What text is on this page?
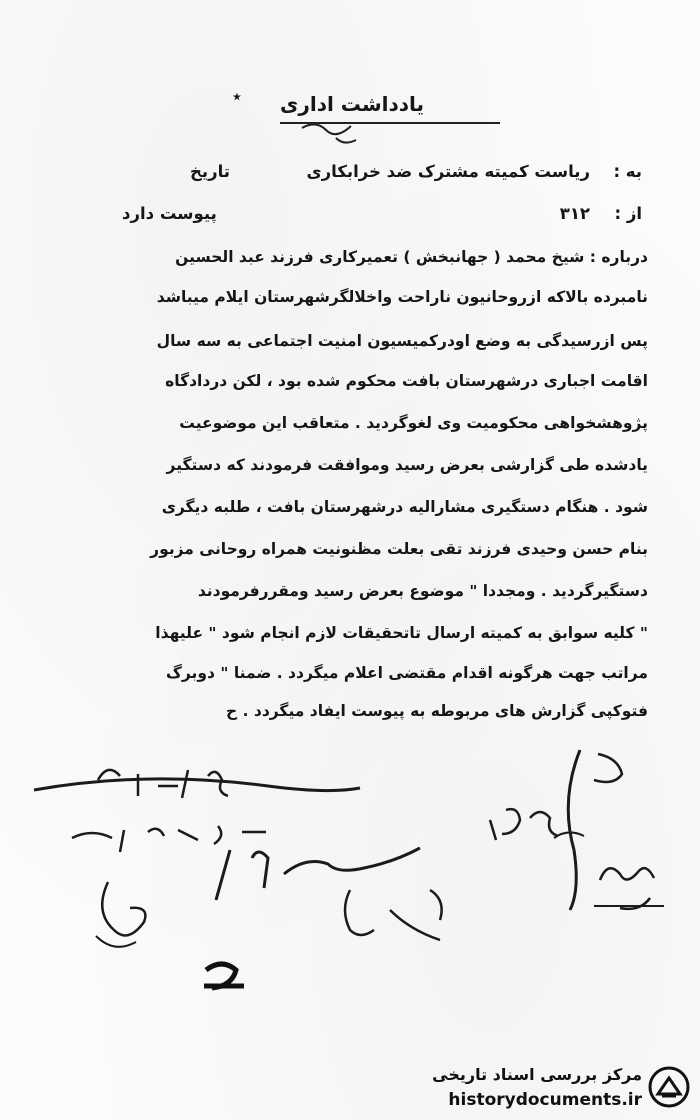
٭ یادداشت اداری
به :
ریاست کمیته مشترک ضد خرابکاری
تاریخ
از :
۳۱۲
پیوست دارد
درباره : شیخ محمد ( جهانبخش ) تعمیرکاری فرزند عبد الحسین
نامبرده بالاکه ازروحانیون ناراحت واخلالگرشهرستان ایلام میباشد
پس ازرسیدگی به وضع اودرکمیسیون امنیت اجتماعی به سه سال
اقامت اجباری درشهرستان بافت محکوم شده بود ، لکن دردادگاه
پژوهشخواهی محکومیت وی لغوگردید . متعاقب این موضوعیت
یادشده طی گزارشی بعرض رسید وموافقت فرمودند که دستگیر
شود . هنگام دستگیری مشارالیه درشهرستان بافت ، طلبه دیگری
بنام حسن وحیدی فرزند تقی بعلت مظنونیت همراه روحانی مزبور
دستگیرگردید . ومجددا " موضوع بعرض رسید ومقررفرمودند
" کلیه سوابق به کمیته ارسال تاتحقیقات لازم انجام شود " علیهذا
مراتب جهت هرگونه اقدام مقتضی اعلام میگردد . ضمنا " دوبرگ
فتوکپی گزارش های مربوطه به پیوست ایفاد میگردد . ح
مرکز بررسی اسناد تاریخی
historydocuments.ir
